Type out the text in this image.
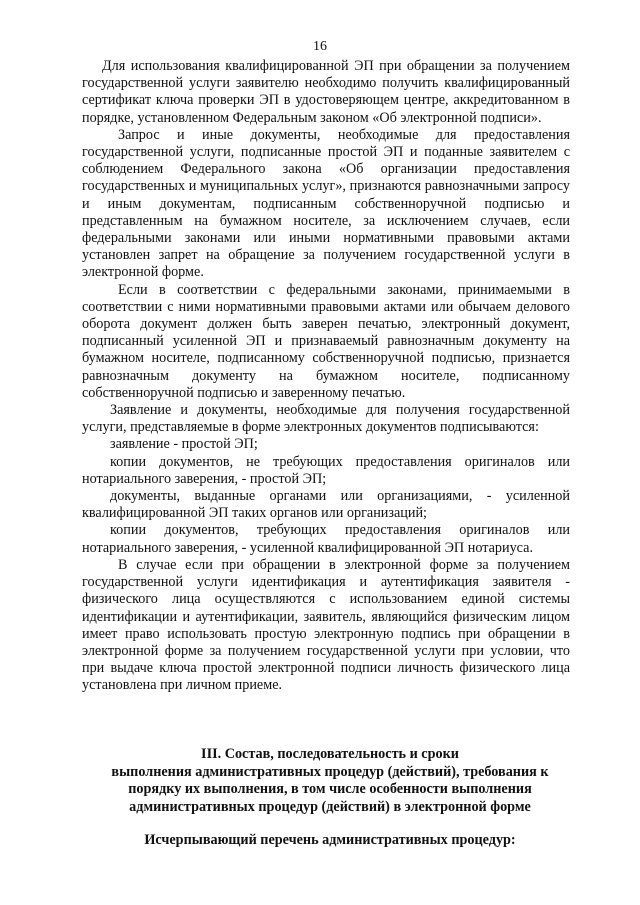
16

Для использования квалифицированной ЭП при обращении за получением государственной услуги заявителю необходимо получить квалифицированный сертификат ключа проверки ЭП в удостоверяющем центре, аккредитованном в порядке, установленном Федеральным законом «Об электронной подписи».

Запрос и иные документы, необходимые для предоставления государственной услуги, подписанные простой ЭП и поданные заявителем с соблюдением Федерального закона «Об организации предоставления государственных и муниципальных услуг», признаются равнозначными запросу и иным документам, подписанным собственноручной подписью и представленным на бумажном носителе, за исключением случаев, если федеральными законами или иными нормативными правовыми актами установлен запрет на обращение за получением государственной услуги в электронной форме.

Если в соответствии с федеральными законами, принимаемыми в соответствии с ними нормативными правовыми актами или обычаем делового оборота документ должен быть заверен печатью, электронный документ, подписанный усиленной ЭП и признаваемый равнозначным документу на бумажном носителе, подписанному собственноручной подписью, признается равнозначным документу на бумажном носителе, подписанному собственноручной подписью и заверенному печатью.

Заявление и документы, необходимые для получения государственной услуги, представляемые в форме электронных документов подписываются:

заявление - простой ЭП;

копии документов, не требующих предоставления оригиналов или нотариального заверения, - простой ЭП;

документы, выданные органами или организациями, - усиленной квалифицированной ЭП таких органов или организаций;

копии документов, требующих предоставления оригиналов или нотариального заверения, - усиленной квалифицированной ЭП нотариуса.

В случае если при обращении в электронной форме за получением государственной услуги идентификация и аутентификация заявителя - физического лица осуществляются с использованием единой системы идентификации и аутентификации, заявитель, являющийся физическим лицом имеет право использовать простую электронную подпись при обращении в электронной форме за получением государственной услуги при условии, что при выдаче ключа простой электронной подписи личность физического лица установлена при личном приеме.

III. Состав, последовательность и сроки
выполнения административных процедур (действий), требования к
порядку их выполнения, в том числе особенности выполнения
административных процедур (действий) в электронной форме
Исчерпывающий перечень административных процедур:
